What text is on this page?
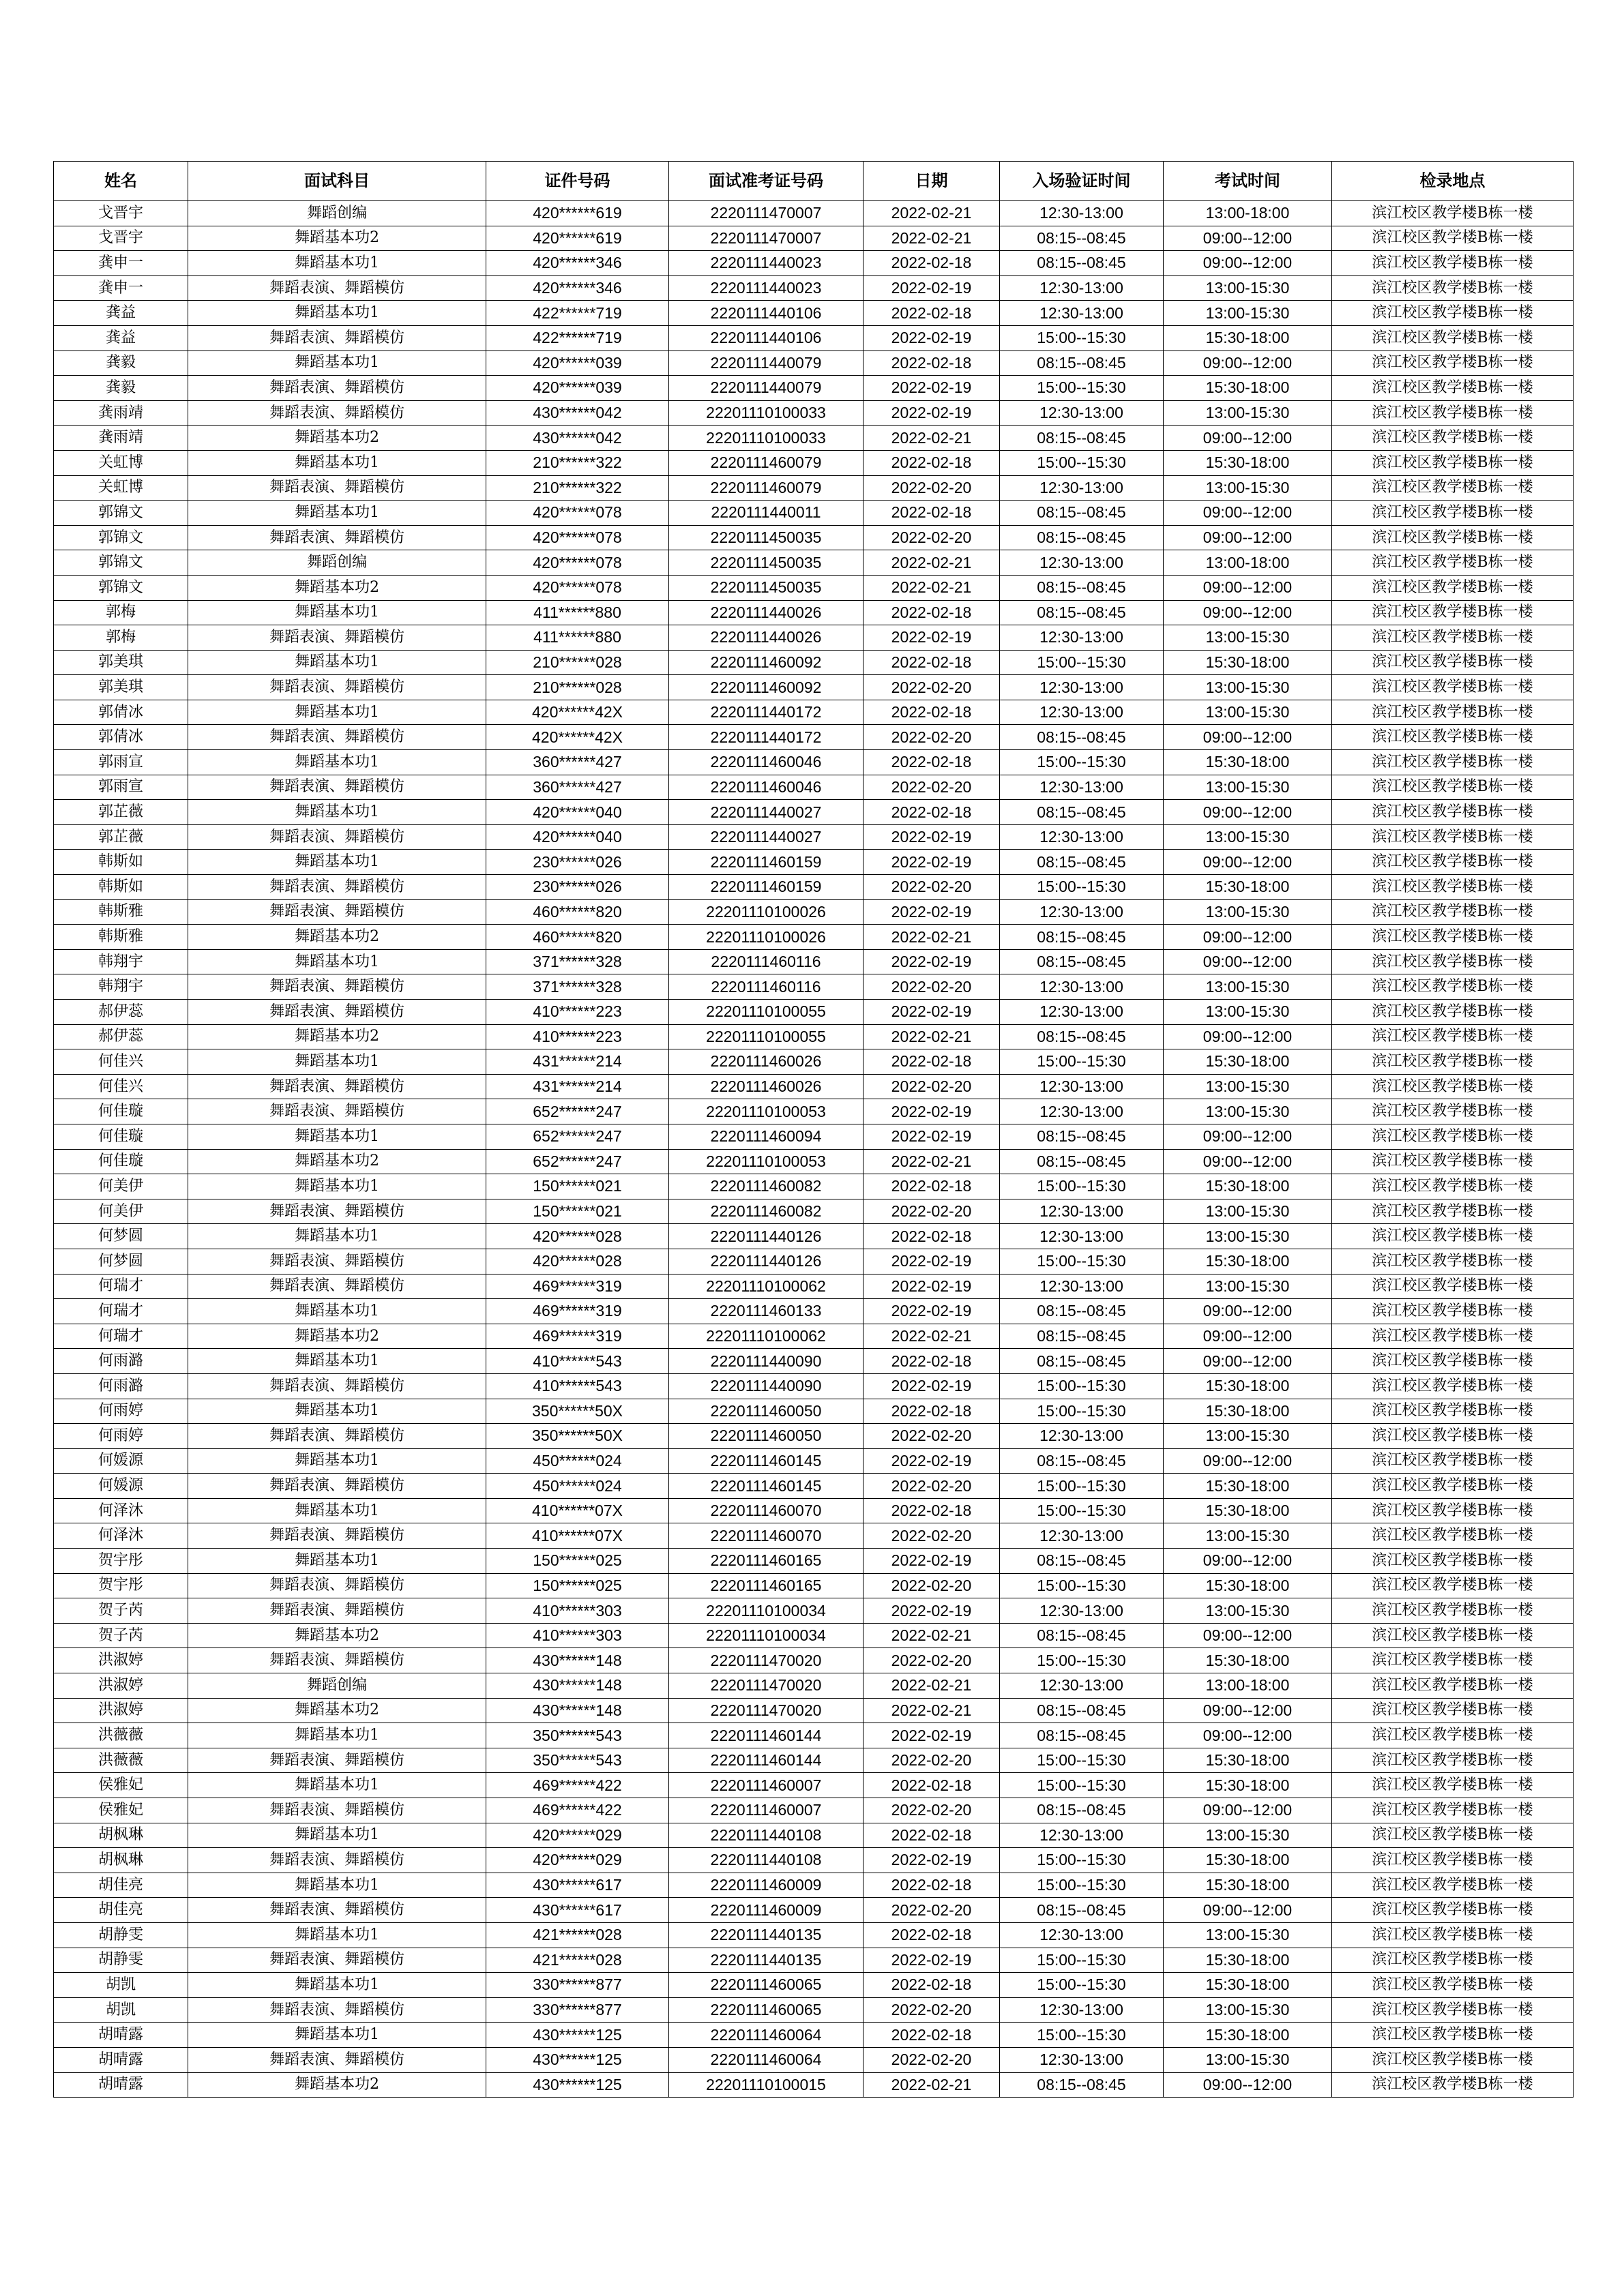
姓名	面试科目	证件号码	面试准考证号码	日期	入场验证时间	考试时间	检录地点
戈晋宇	舞蹈创编	420******619	2220111470007	2022-02-21	12:30-13:00	13:00-18:00	滨江校区教学楼B栋一楼
戈晋宇	舞蹈基本功2	420******619	2220111470007	2022-02-21	08:15--08:45	09:00--12:00	滨江校区教学楼B栋一楼
龚申一	舞蹈基本功1	420******346	2220111440023	2022-02-18	08:15--08:45	09:00--12:00	滨江校区教学楼B栋一楼
龚申一	舞蹈表演、舞蹈模仿	420******346	2220111440023	2022-02-19	12:30-13:00	13:00-15:30	滨江校区教学楼B栋一楼
龚益	舞蹈基本功1	422******719	2220111440106	2022-02-18	12:30-13:00	13:00-15:30	滨江校区教学楼B栋一楼
龚益	舞蹈表演、舞蹈模仿	422******719	2220111440106	2022-02-19	15:00--15:30	15:30-18:00	滨江校区教学楼B栋一楼
龚毅	舞蹈基本功1	420******039	2220111440079	2022-02-18	08:15--08:45	09:00--12:00	滨江校区教学楼B栋一楼
龚毅	舞蹈表演、舞蹈模仿	420******039	2220111440079	2022-02-19	15:00--15:30	15:30-18:00	滨江校区教学楼B栋一楼
龚雨靖	舞蹈表演、舞蹈模仿	430******042	22201110100033	2022-02-19	12:30-13:00	13:00-15:30	滨江校区教学楼B栋一楼
龚雨靖	舞蹈基本功2	430******042	22201110100033	2022-02-21	08:15--08:45	09:00--12:00	滨江校区教学楼B栋一楼
关虹博	舞蹈基本功1	210******322	2220111460079	2022-02-18	15:00--15:30	15:30-18:00	滨江校区教学楼B栋一楼
关虹博	舞蹈表演、舞蹈模仿	210******322	2220111460079	2022-02-20	12:30-13:00	13:00-15:30	滨江校区教学楼B栋一楼
郭锦文	舞蹈基本功1	420******078	2220111440011	2022-02-18	08:15--08:45	09:00--12:00	滨江校区教学楼B栋一楼
郭锦文	舞蹈表演、舞蹈模仿	420******078	2220111450035	2022-02-20	08:15--08:45	09:00--12:00	滨江校区教学楼B栋一楼
郭锦文	舞蹈创编	420******078	2220111450035	2022-02-21	12:30-13:00	13:00-18:00	滨江校区教学楼B栋一楼
郭锦文	舞蹈基本功2	420******078	2220111450035	2022-02-21	08:15--08:45	09:00--12:00	滨江校区教学楼B栋一楼
郭梅	舞蹈基本功1	411******880	2220111440026	2022-02-18	08:15--08:45	09:00--12:00	滨江校区教学楼B栋一楼
郭梅	舞蹈表演、舞蹈模仿	411******880	2220111440026	2022-02-19	12:30-13:00	13:00-15:30	滨江校区教学楼B栋一楼
郭美琪	舞蹈基本功1	210******028	2220111460092	2022-02-18	15:00--15:30	15:30-18:00	滨江校区教学楼B栋一楼
郭美琪	舞蹈表演、舞蹈模仿	210******028	2220111460092	2022-02-20	12:30-13:00	13:00-15:30	滨江校区教学楼B栋一楼
郭倩冰	舞蹈基本功1	420******42X	2220111440172	2022-02-18	12:30-13:00	13:00-15:30	滨江校区教学楼B栋一楼
郭倩冰	舞蹈表演、舞蹈模仿	420******42X	2220111440172	2022-02-20	08:15--08:45	09:00--12:00	滨江校区教学楼B栋一楼
郭雨宣	舞蹈基本功1	360******427	2220111460046	2022-02-18	15:00--15:30	15:30-18:00	滨江校区教学楼B栋一楼
郭雨宣	舞蹈表演、舞蹈模仿	360******427	2220111460046	2022-02-20	12:30-13:00	13:00-15:30	滨江校区教学楼B栋一楼
郭芷薇	舞蹈基本功1	420******040	2220111440027	2022-02-18	08:15--08:45	09:00--12:00	滨江校区教学楼B栋一楼
郭芷薇	舞蹈表演、舞蹈模仿	420******040	2220111440027	2022-02-19	12:30-13:00	13:00-15:30	滨江校区教学楼B栋一楼
韩斯如	舞蹈基本功1	230******026	2220111460159	2022-02-19	08:15--08:45	09:00--12:00	滨江校区教学楼B栋一楼
韩斯如	舞蹈表演、舞蹈模仿	230******026	2220111460159	2022-02-20	15:00--15:30	15:30-18:00	滨江校区教学楼B栋一楼
韩斯雅	舞蹈表演、舞蹈模仿	460******820	22201110100026	2022-02-19	12:30-13:00	13:00-15:30	滨江校区教学楼B栋一楼
韩斯雅	舞蹈基本功2	460******820	22201110100026	2022-02-21	08:15--08:45	09:00--12:00	滨江校区教学楼B栋一楼
韩翔宇	舞蹈基本功1	371******328	2220111460116	2022-02-19	08:15--08:45	09:00--12:00	滨江校区教学楼B栋一楼
韩翔宇	舞蹈表演、舞蹈模仿	371******328	2220111460116	2022-02-20	12:30-13:00	13:00-15:30	滨江校区教学楼B栋一楼
郝伊蕊	舞蹈表演、舞蹈模仿	410******223	22201110100055	2022-02-19	12:30-13:00	13:00-15:30	滨江校区教学楼B栋一楼
郝伊蕊	舞蹈基本功2	410******223	22201110100055	2022-02-21	08:15--08:45	09:00--12:00	滨江校区教学楼B栋一楼
何佳兴	舞蹈基本功1	431******214	2220111460026	2022-02-18	15:00--15:30	15:30-18:00	滨江校区教学楼B栋一楼
何佳兴	舞蹈表演、舞蹈模仿	431******214	2220111460026	2022-02-20	12:30-13:00	13:00-15:30	滨江校区教学楼B栋一楼
何佳璇	舞蹈表演、舞蹈模仿	652******247	22201110100053	2022-02-19	12:30-13:00	13:00-15:30	滨江校区教学楼B栋一楼
何佳璇	舞蹈基本功1	652******247	2220111460094	2022-02-19	08:15--08:45	09:00--12:00	滨江校区教学楼B栋一楼
何佳璇	舞蹈基本功2	652******247	22201110100053	2022-02-21	08:15--08:45	09:00--12:00	滨江校区教学楼B栋一楼
何美伊	舞蹈基本功1	150******021	2220111460082	2022-02-18	15:00--15:30	15:30-18:00	滨江校区教学楼B栋一楼
何美伊	舞蹈表演、舞蹈模仿	150******021	2220111460082	2022-02-20	12:30-13:00	13:00-15:30	滨江校区教学楼B栋一楼
何梦圆	舞蹈基本功1	420******028	2220111440126	2022-02-18	12:30-13:00	13:00-15:30	滨江校区教学楼B栋一楼
何梦圆	舞蹈表演、舞蹈模仿	420******028	2220111440126	2022-02-19	15:00--15:30	15:30-18:00	滨江校区教学楼B栋一楼
何瑞才	舞蹈表演、舞蹈模仿	469******319	22201110100062	2022-02-19	12:30-13:00	13:00-15:30	滨江校区教学楼B栋一楼
何瑞才	舞蹈基本功1	469******319	2220111460133	2022-02-19	08:15--08:45	09:00--12:00	滨江校区教学楼B栋一楼
何瑞才	舞蹈基本功2	469******319	22201110100062	2022-02-21	08:15--08:45	09:00--12:00	滨江校区教学楼B栋一楼
何雨潞	舞蹈基本功1	410******543	2220111440090	2022-02-18	08:15--08:45	09:00--12:00	滨江校区教学楼B栋一楼
何雨潞	舞蹈表演、舞蹈模仿	410******543	2220111440090	2022-02-19	15:00--15:30	15:30-18:00	滨江校区教学楼B栋一楼
何雨婷	舞蹈基本功1	350******50X	2220111460050	2022-02-18	15:00--15:30	15:30-18:00	滨江校区教学楼B栋一楼
何雨婷	舞蹈表演、舞蹈模仿	350******50X	2220111460050	2022-02-20	12:30-13:00	13:00-15:30	滨江校区教学楼B栋一楼
何媛源	舞蹈基本功1	450******024	2220111460145	2022-02-19	08:15--08:45	09:00--12:00	滨江校区教学楼B栋一楼
何媛源	舞蹈表演、舞蹈模仿	450******024	2220111460145	2022-02-20	15:00--15:30	15:30-18:00	滨江校区教学楼B栋一楼
何泽沐	舞蹈基本功1	410******07X	2220111460070	2022-02-18	15:00--15:30	15:30-18:00	滨江校区教学楼B栋一楼
何泽沐	舞蹈表演、舞蹈模仿	410******07X	2220111460070	2022-02-20	12:30-13:00	13:00-15:30	滨江校区教学楼B栋一楼
贺宇彤	舞蹈基本功1	150******025	2220111460165	2022-02-19	08:15--08:45	09:00--12:00	滨江校区教学楼B栋一楼
贺宇彤	舞蹈表演、舞蹈模仿	150******025	2220111460165	2022-02-20	15:00--15:30	15:30-18:00	滨江校区教学楼B栋一楼
贺子芮	舞蹈表演、舞蹈模仿	410******303	22201110100034	2022-02-19	12:30-13:00	13:00-15:30	滨江校区教学楼B栋一楼
贺子芮	舞蹈基本功2	410******303	22201110100034	2022-02-21	08:15--08:45	09:00--12:00	滨江校区教学楼B栋一楼
洪淑婷	舞蹈表演、舞蹈模仿	430******148	2220111470020	2022-02-20	15:00--15:30	15:30-18:00	滨江校区教学楼B栋一楼
洪淑婷	舞蹈创编	430******148	2220111470020	2022-02-21	12:30-13:00	13:00-18:00	滨江校区教学楼B栋一楼
洪淑婷	舞蹈基本功2	430******148	2220111470020	2022-02-21	08:15--08:45	09:00--12:00	滨江校区教学楼B栋一楼
洪薇薇	舞蹈基本功1	350******543	2220111460144	2022-02-19	08:15--08:45	09:00--12:00	滨江校区教学楼B栋一楼
洪薇薇	舞蹈表演、舞蹈模仿	350******543	2220111460144	2022-02-20	15:00--15:30	15:30-18:00	滨江校区教学楼B栋一楼
侯雅妃	舞蹈基本功1	469******422	2220111460007	2022-02-18	15:00--15:30	15:30-18:00	滨江校区教学楼B栋一楼
侯雅妃	舞蹈表演、舞蹈模仿	469******422	2220111460007	2022-02-20	08:15--08:45	09:00--12:00	滨江校区教学楼B栋一楼
胡枫琳	舞蹈基本功1	420******029	2220111440108	2022-02-18	12:30-13:00	13:00-15:30	滨江校区教学楼B栋一楼
胡枫琳	舞蹈表演、舞蹈模仿	420******029	2220111440108	2022-02-19	15:00--15:30	15:30-18:00	滨江校区教学楼B栋一楼
胡佳亮	舞蹈基本功1	430******617	2220111460009	2022-02-18	15:00--15:30	15:30-18:00	滨江校区教学楼B栋一楼
胡佳亮	舞蹈表演、舞蹈模仿	430******617	2220111460009	2022-02-20	08:15--08:45	09:00--12:00	滨江校区教学楼B栋一楼
胡静雯	舞蹈基本功1	421******028	2220111440135	2022-02-18	12:30-13:00	13:00-15:30	滨江校区教学楼B栋一楼
胡静雯	舞蹈表演、舞蹈模仿	421******028	2220111440135	2022-02-19	15:00--15:30	15:30-18:00	滨江校区教学楼B栋一楼
胡凯	舞蹈基本功1	330******877	2220111460065	2022-02-18	15:00--15:30	15:30-18:00	滨江校区教学楼B栋一楼
胡凯	舞蹈表演、舞蹈模仿	330******877	2220111460065	2022-02-20	12:30-13:00	13:00-15:30	滨江校区教学楼B栋一楼
胡晴露	舞蹈基本功1	430******125	2220111460064	2022-02-18	15:00--15:30	15:30-18:00	滨江校区教学楼B栋一楼
胡晴露	舞蹈表演、舞蹈模仿	430******125	2220111460064	2022-02-20	12:30-13:00	13:00-15:30	滨江校区教学楼B栋一楼
胡晴露	舞蹈基本功2	430******125	22201110100015	2022-02-21	08:15--08:45	09:00--12:00	滨江校区教学楼B栋一楼
